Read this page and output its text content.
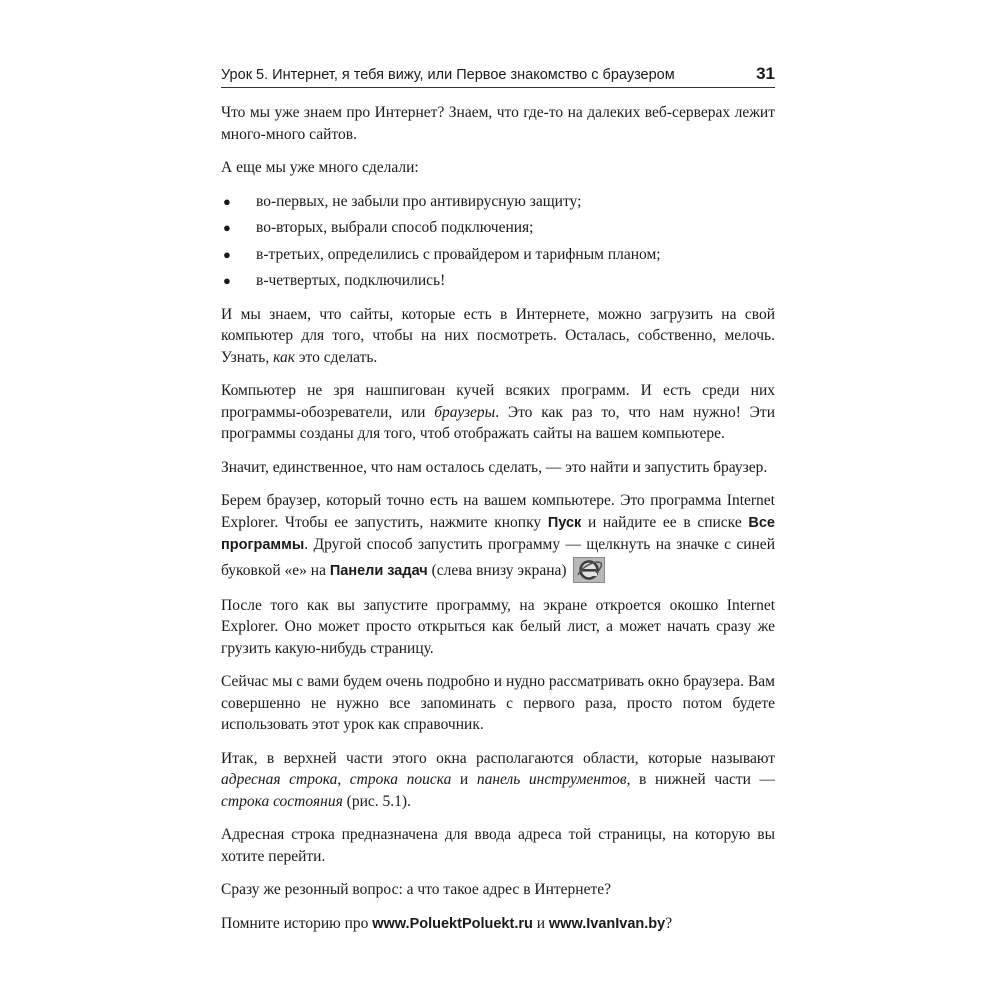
Урок 5. Интернет, я тебя вижу, или Первое знакомство с браузером	31

Что мы уже знаем про Интернет? Знаем, что где-то на далеких веб-серверах лежит много-много сайтов.

А еще мы уже много сделали:

● во-первых, не забыли про антивирусную защиту;
● во-вторых, выбрали способ подключения;
● в-третьих, определились с провайдером и тарифным планом;
● в-четвертых, подключились!

И мы знаем, что сайты, которые есть в Интернете, можно загрузить на свой компьютер для того, чтобы на них посмотреть. Осталась, собственно, мелочь. Узнать, как это сделать.

Компьютер не зря нашпигован кучей всяких программ. И есть среди них программы-обозреватели, или браузеры. Это как раз то, что нам нужно! Эти программы созданы для того, чтоб отображать сайты на вашем компьютере.

Значит, единственное, что нам осталось сделать, — это найти и запустить браузер.

Берем браузер, который точно есть на вашем компьютере. Это программа Internet Explorer. Чтобы ее запустить, нажмите кнопку Пуск и найдите ее в списке Все программы. Другой способ запустить программу — щелкнуть на значке с синей буковкой «е» на Панели задач (слева внизу экрана)

После того как вы запустите программу, на экране откроется окошко Internet Explorer. Оно может просто открыться как белый лист, а может начать сразу же грузить какую-нибудь страницу.

Сейчас мы с вами будем очень подробно и нудно рассматривать окно браузера. Вам совершенно не нужно все запоминать с первого раза, просто потом будете использовать этот урок как справочник.

Итак, в верхней части этого окна располагаются области, которые называют адресная строка, строка поиска и панель инструментов, в нижней части — строка состояния (рис. 5.1).

Адресная строка предназначена для ввода адреса той страницы, на которую вы хотите перейти.

Сразу же резонный вопрос: а что такое адрес в Интернете?

Помните историю про www.PoluektPoluekt.ru и www.IvanIvan.by?
